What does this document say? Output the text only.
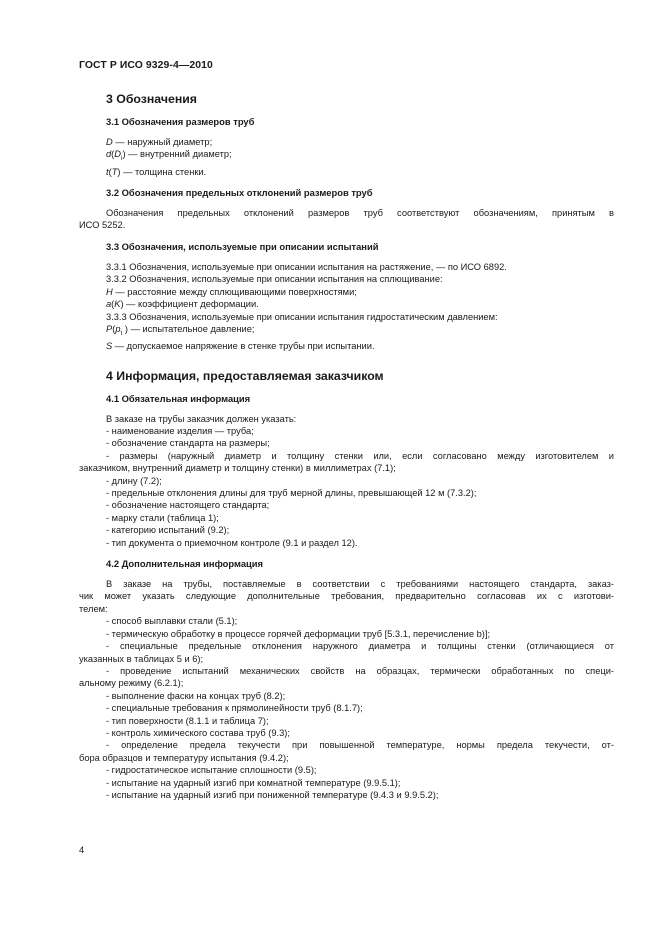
ГОСТ Р ИСО 9329-4—2010
3 Обозначения
3.1 Обозначения размеров труб

D — наружный диаметр;

$d(D_i)$ — внутренний диаметр;

t(T) — толщина стенки.

3.2 Обозначения предельных отклонений размеров труб

Обозначения предельных отклонений размеров труб соответствуют обозначениям, принятым в

ИСО 5252.

3.3 Обозначения, используемые при описании испытаний

3.3.1 Обозначения, используемые при описании испытания на растяжение, — по ИСО 6892.

3.3.2 Обозначения, используемые при описании испытания на сплющивание:

H — расстояние между сплющивающими поверхностями;

a(K) — коэффициент деформации.

3.3.3 Обозначения, используемые при описании испытания гидростатическим давлением:

$P(p_t$ ) — испытательное давление;

S — допускаемое напряжение в стенке трубы при испытании.

4 Информация, предоставляемая заказчиком
4.1 Обязательная информация

В заказе на трубы заказчик должен указать:

- наименование изделия — труба;

- обозначение стандарта на размеры;

- размеры (наружный диаметр и толщину стенки или, если согласовано между изготовителем и

заказчиком, внутренний диаметр и толщину стенки) в миллиметрах (7.1);

- длину (7.2);

- предельные отклонения длины для труб мерной длины, превышающей 12 м (7.3.2);

- обозначение настоящего стандарта;

- марку стали (таблица 1);

- категорию испытаний (9.2);

- тип документа о приемочном контроле (9.1 и раздел 12).

4.2 Дополнительная информация

В заказе на трубы, поставляемые в соответствии с требованиями настоящего стандарта, заказ-

чик может указать следующие дополнительные требования, предварительно согласовав их с изготови-

телем:

- способ выплавки стали (5.1);

- термическую обработку в процессе горячей деформации труб [5.3.1, перечисление b)];

- специальные предельные отклонения наружного диаметра и толщины стенки (отличающиеся от

указанных в таблицах 5 и 6);

- проведение испытаний механических свойств на образцах, термически обработанных по специ-

альному режиму (6.2.1);

- выполнение фаски на концах труб (8.2);

- специальные требования к прямолинейности труб (8.1.7);

- тип поверхности (8.1.1 и таблица 7);

- контроль химического состава труб (9.3);

- определение предела текучести при повышенной температуре, нормы предела текучести, от-

бора образцов и температуру испытания (9.4.2);

- гидростатическое испытание сплошности (9.5);

- испытание на ударный изгиб при комнатной температуре (9.9.5.1);

- испытание на ударный изгиб при пониженной температуре (9.4.3 и 9.9.5.2);

4
